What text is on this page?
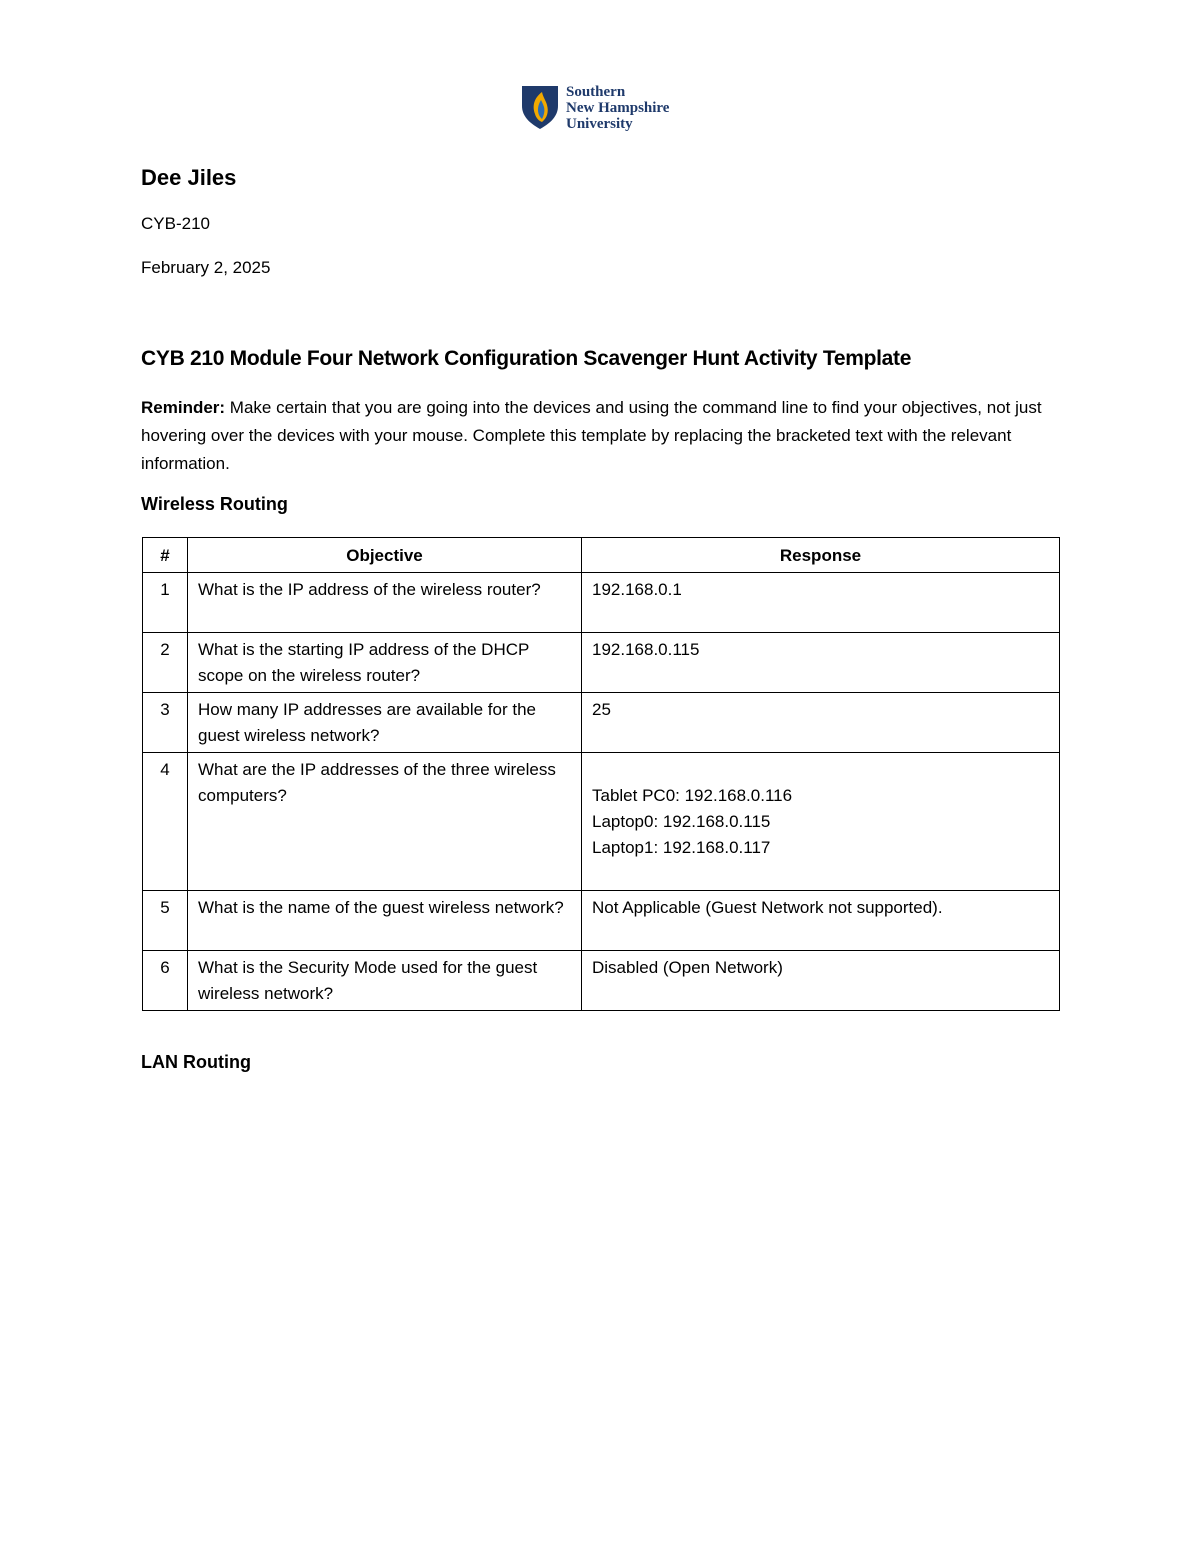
Southern
New Hampshire
University
Dee Jiles
CYB-210
February 2, 2025
CYB 210 Module Four Network Configuration Scavenger Hunt Activity Template
Reminder: Make certain that you are going into the devices and using the command line to find your objectives, not just hovering over the devices with your mouse. Complete this template by replacing the bracketed text with the relevant information.
Wireless Routing
#	Objective	Response
1	What is the IP address of the wireless router?	192.168.0.1
2	What is the starting IP address of the DHCP scope on the wireless router?	192.168.0.115
3	How many IP addresses are available for the guest wireless network?	25
4	What are the IP addresses of the three wireless computers?	Tablet PC0: 192.168.0.116
Laptop0: 192.168.0.115
Laptop1: 192.168.0.117

5	What is the name of the guest wireless network?	Not Applicable (Guest Network not supported).
6	What is the Security Mode used for the guest wireless network?	Disabled (Open Network)
LAN Routing
